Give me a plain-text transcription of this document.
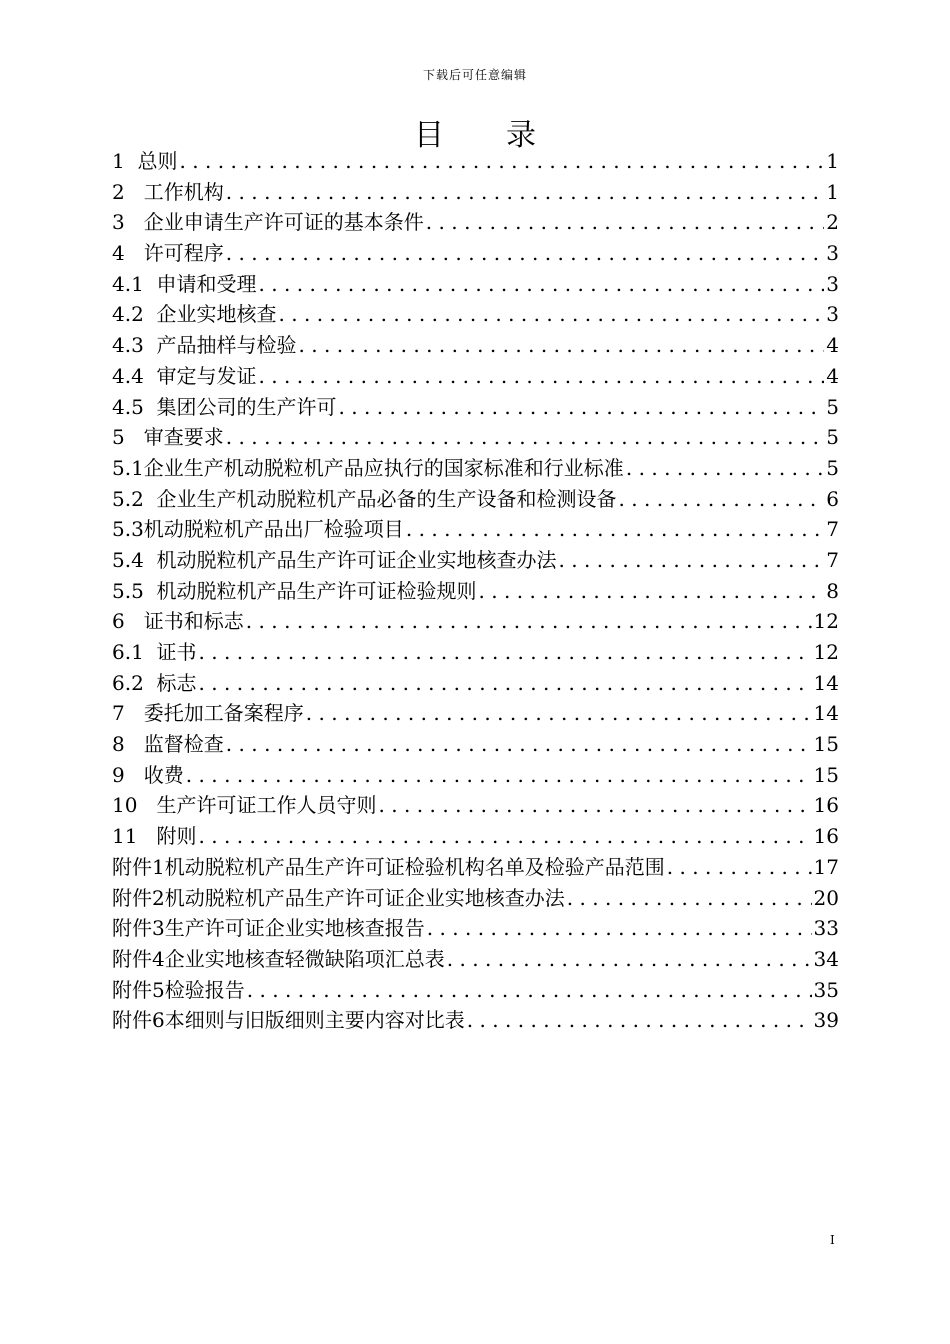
下载后可任意编辑
目录
1  总则 .....	1
2   工作机构 .....	1
3   企业申请生产许可证的基本条件 .....	2
4   许可程序 .....	3
4.1  申请和受理 .....	3
4.2  企业实地核查 .....	3
4.3  产品抽样与检验 .....	4
4.4  审定与发证 .....	4
4.5  集团公司的生产许可 .....	5
5   审查要求 .....	5
5.1企业生产机动脱粒机产品应执行的国家标准和行业标准 .....	5
5.2  企业生产机动脱粒机产品必备的生产设备和检测设备 .....	6
5.3机动脱粒机产品出厂检验项目 .....	7
5.4  机动脱粒机产品生产许可证企业实地核查办法 .....	7
5.5  机动脱粒机产品生产许可证检验规则 .....	8
6   证书和标志 .....	12
6.1  证书 .....	12
6.2  标志 .....	14
7   委托加工备案程序 .....	14
8   监督检查 .....	15
9   收费 .....	15
10   生产许可证工作人员守则 .....	16
11   附则 .....	16
附件1机动脱粒机产品生产许可证检验机构名单及检验产品范围 .....	17
附件2机动脱粒机产品生产许可证企业实地核查办法 .....	20
附件3生产许可证企业实地核查报告 .....	33
附件4企业实地核查轻微缺陷项汇总表 .....	34
附件5检验报告 .....	35
附件6本细则与旧版细则主要内容对比表 .....	39
I
